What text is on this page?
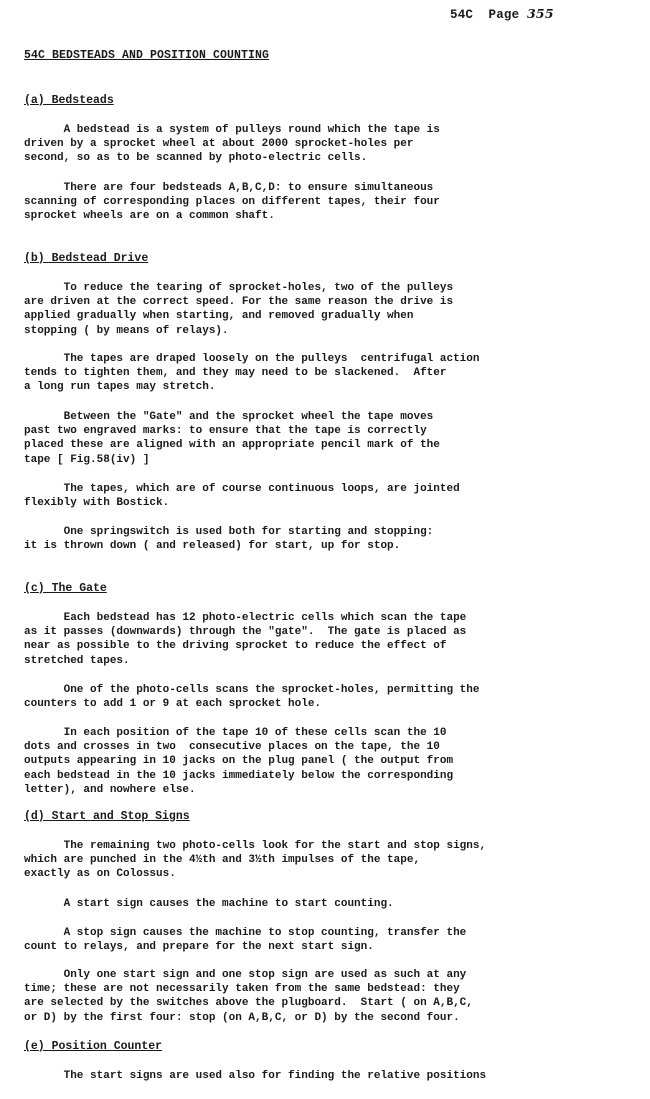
54C Page 355
54C BEDSTEADS AND POSITION COUNTING
(a) Bedsteads
A bedstead is a system of pulleys round which the tape is
driven by a sprocket wheel at about 2000 sprocket-holes per
second, so as to be scanned by photo-electric cells.
There are four bedsteads A,B,C,D: to ensure simultaneous
scanning of corresponding places on different tapes, their four
sprocket wheels are on a common shaft.
(b) Bedstead Drive
To reduce the tearing of sprocket-holes, two of the pulleys
are driven at the correct speed. For the same reason the drive is
applied gradually when starting, and removed gradually when
stopping ( by means of relays).
The tapes are draped loosely on the pulleys  centrifugal action
tends to tighten them, and they may need to be slackened.  After
a long run tapes may stretch.
Between the "Gate" and the sprocket wheel the tape moves
past two engraved marks: to ensure that the tape is correctly
placed these are aligned with an appropriate pencil mark of the
tape [ Fig.58(iv) ]
The tapes, which are of course continuous loops, are jointed
flexibly with Bostick.
One springswitch is used both for starting and stopping:
it is thrown down ( and released) for start, up for stop.
(c) The Gate
Each bedstead has 12 photo-electric cells which scan the tape
as it passes (downwards) through the "gate".  The gate is placed as
near as possible to the driving sprocket to reduce the effect of
stretched tapes.
One of the photo-cells scans the sprocket-holes, permitting the
counters to add 1 or 9 at each sprocket hole.
In each position of the tape 10 of these cells scan the 10
dots and crosses in two  consecutive places on the tape, the 10
outputs appearing in 10 jacks on the plug panel ( the output from
each bedstead in the 10 jacks immediately below the corresponding
letter), and nowhere else.
(d) Start and Stop Signs
The remaining two photo-cells look for the start and stop signs,
which are punched in the 4½th and 3½th impulses of the tape,
exactly as on Colossus.
A start sign causes the machine to start counting.
A stop sign causes the machine to stop counting, transfer the
count to relays, and prepare for the next start sign.
Only one start sign and one stop sign are used as such at any
time; these are not necessarily taken from the same bedstead: they
are selected by the switches above the plugboard.  Start ( on A,B,C,
or D) by the first four: stop (on A,B,C, or D) by the second four.
(e) Position Counter
The start signs are used also for finding the relative positions
